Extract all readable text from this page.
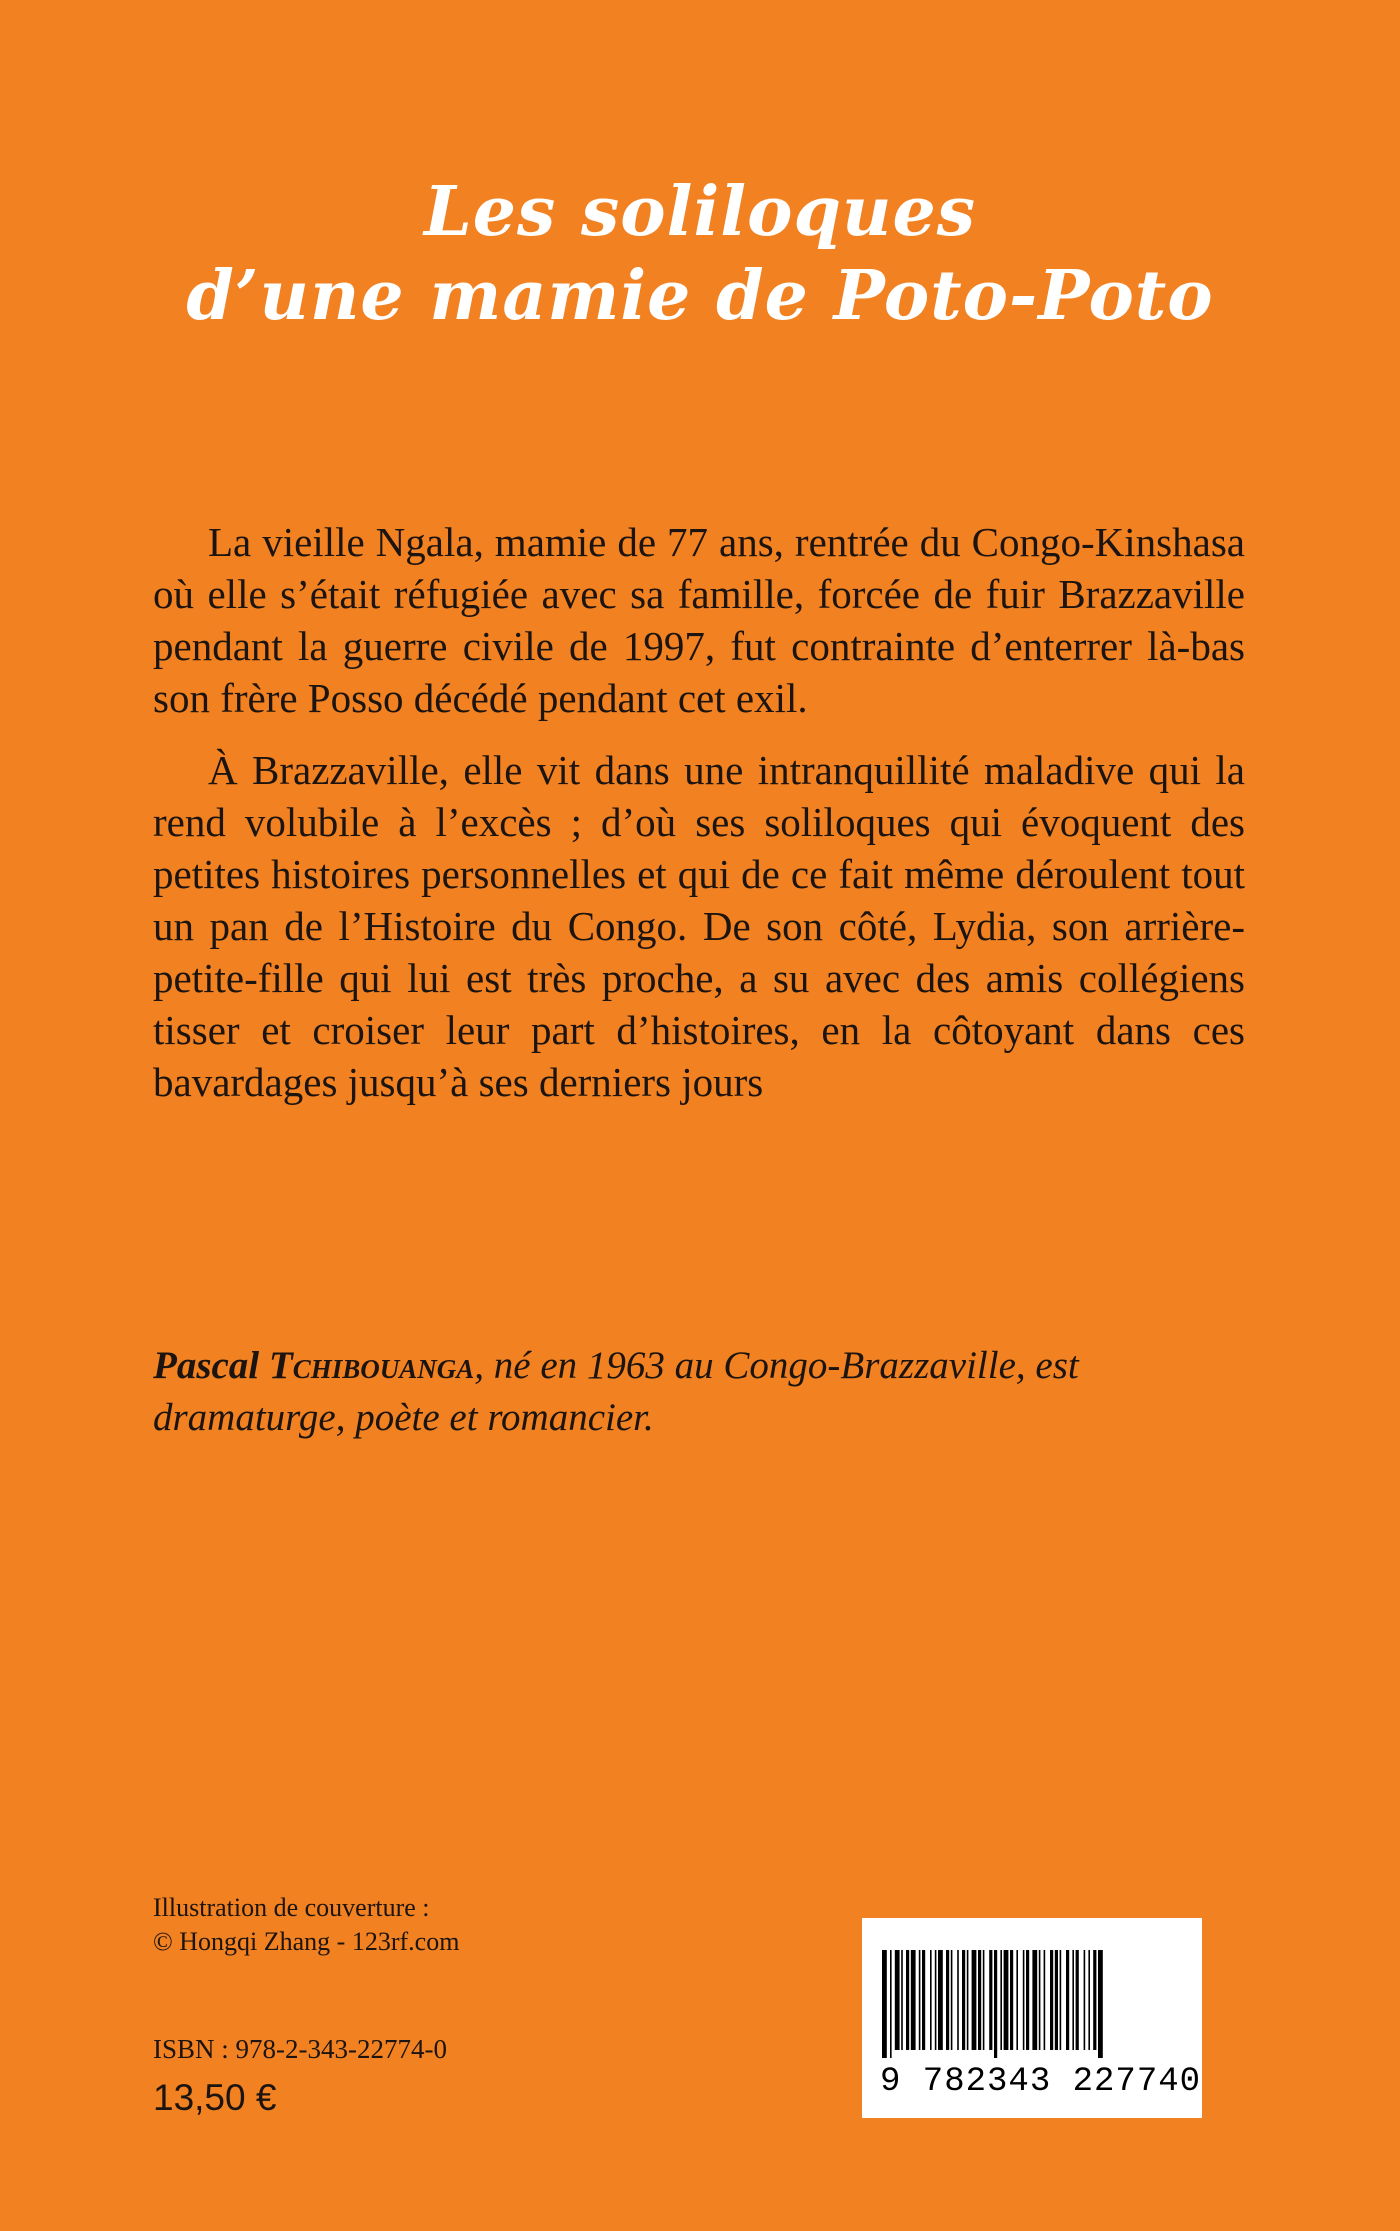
Les soliloques
d’une mamie de Poto-Poto

La vieille Ngala, mamie de 77 ans, rentrée du Congo-Kinshasa où elle s’était réfugiée avec sa famille, forcée de fuir Brazzaville pendant la guerre civile de 1997, fut contrainte d’enterrer là-bas son frère Posso décédé pendant cet exil.

À Brazzaville, elle vit dans une intranquillité maladive qui la rend volubile à l’excès ; d’où ses soliloques qui évoquent des petites histoires personnelles et qui de ce fait même déroulent tout un pan de l’Histoire du Congo. De son côté, Lydia, son arrière-petite-fille qui lui est très proche, a su avec des amis collégiens tisser et croiser leur part d’histoires, en la côtoyant dans ces bavardages jusqu’à ses derniers jours

Pascal Tchibouanga, né en 1963 au Congo-Brazzaville, est dramaturge, poète et romancier.
Illustration de couverture :
© Hongqi Zhang - 123rf.com
ISBN : 978-2-343-22774-0
13,50 €	9 782343 227740
